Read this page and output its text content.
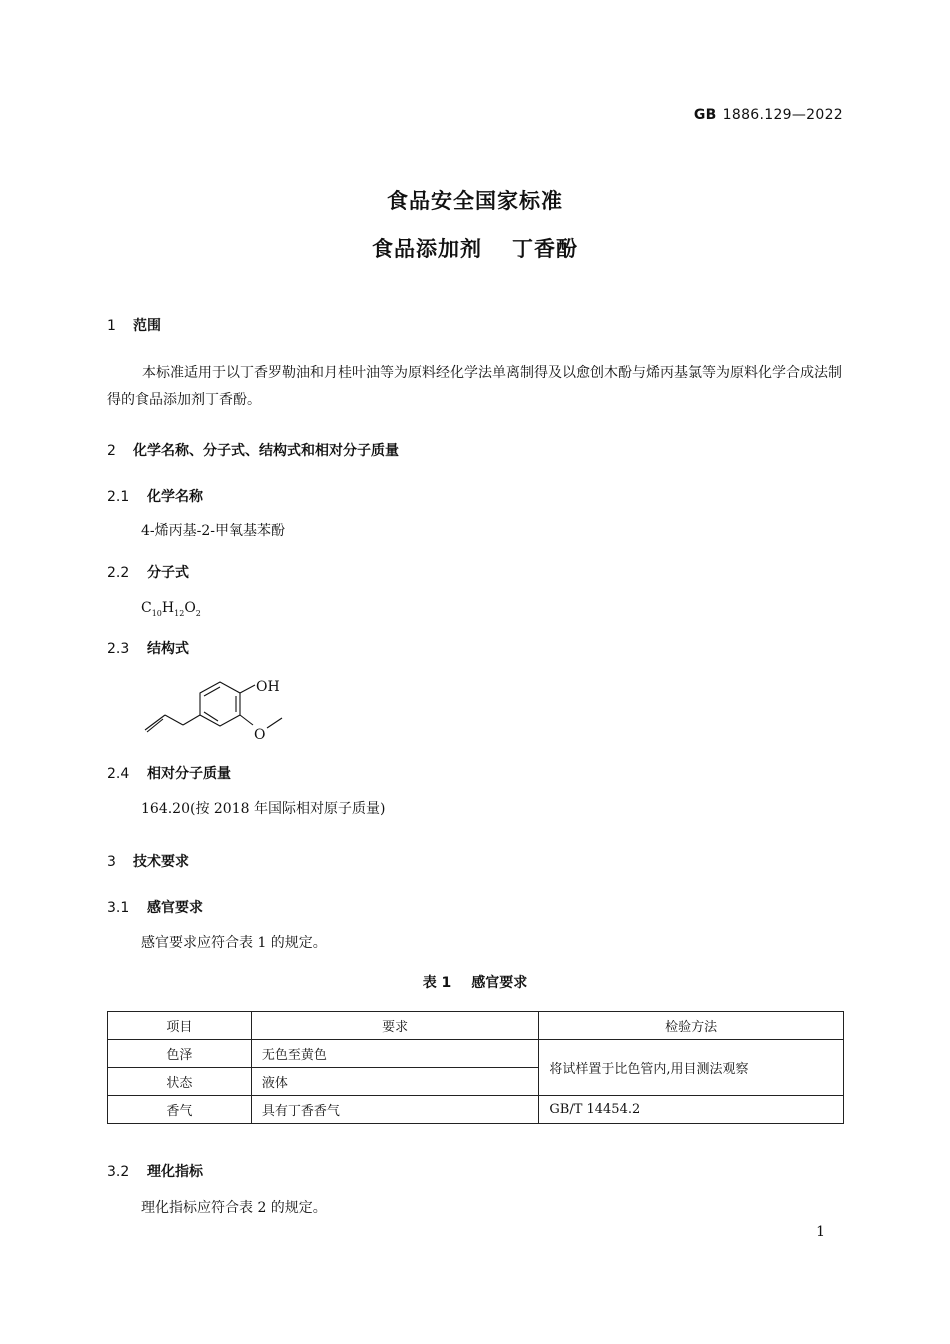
GB 1886.129—2022
食品安全国家标准
食品添加剂 丁香酚
1 范围
本标准适用于以丁香罗勒油和月桂叶油等为原料经化学法单离制得及以愈创木酚与烯丙基氯等为原料化学合成法制得的食品添加剂丁香酚。
2 化学名称、分子式、结构式和相对分子质量
2.1 化学名称
4-烯丙基-2-甲氧基苯酚
2.2 分子式
$C_{10}H_{12}O_2$
2.3 结构式
OH
O
2.4 相对分子质量
164.20(按 2018 年国际相对原子质量)
3 技术要求
3.1 感官要求
感官要求应符合表 1 的规定。
表 1 感官要求
项目	要求	检验方法
色泽	无色至黄色	将试样置于比色管内,用目测法观察
状态	液体	
香气	具有丁香香气	GB/T 14454.2
3.2 理化指标
理化指标应符合表 2 的规定。
1
